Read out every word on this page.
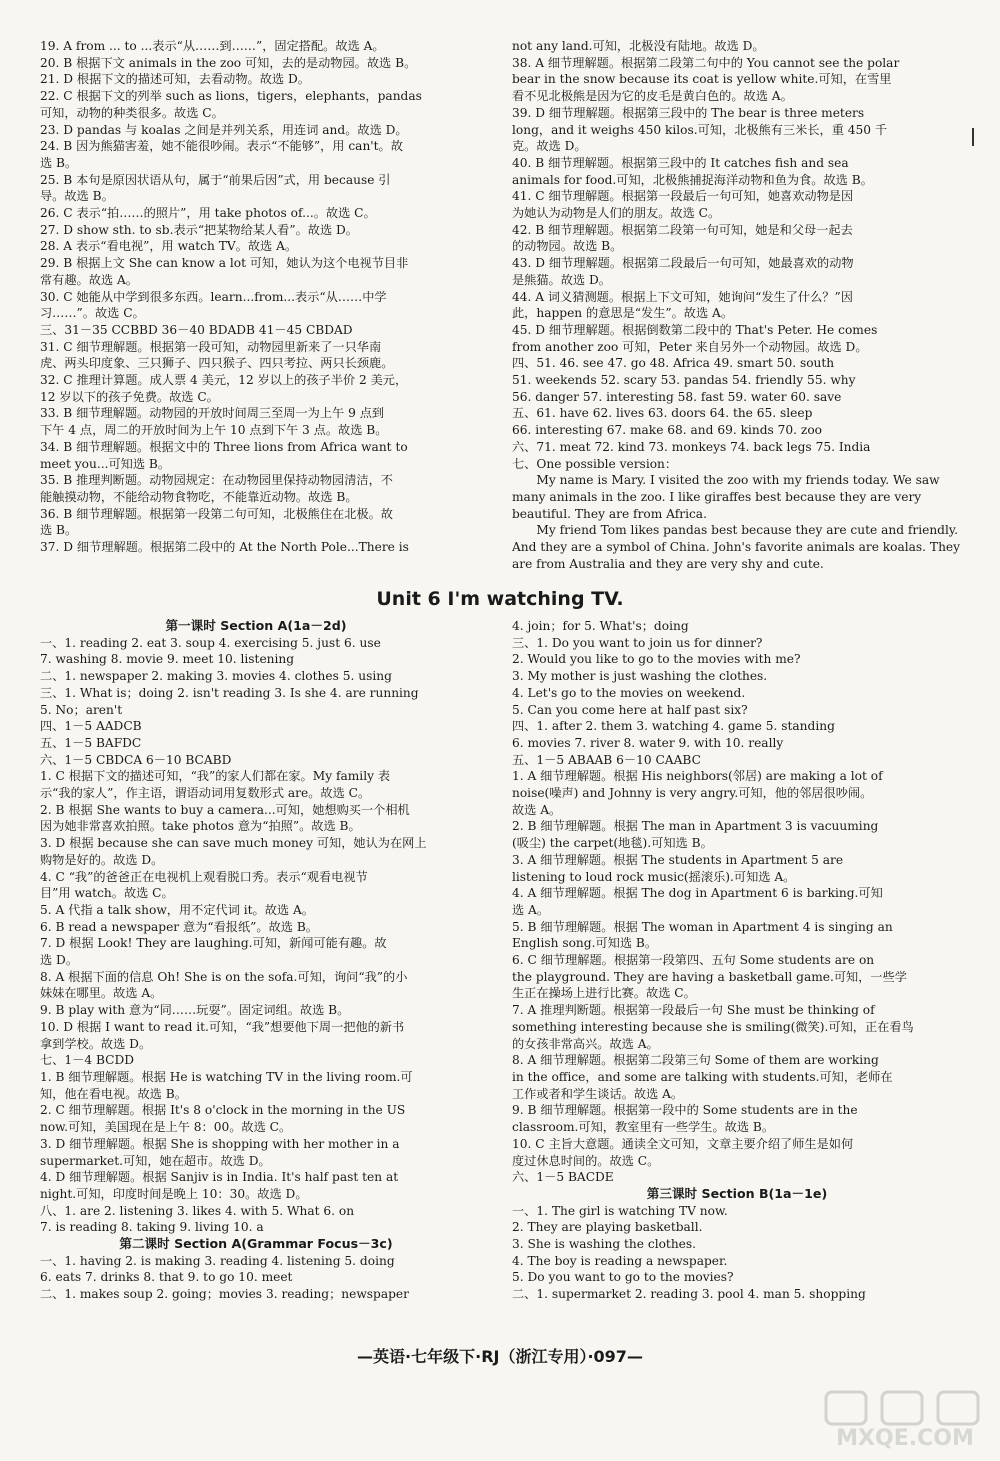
19. A from ... to ...表示“从……到……”，固定搭配。故选 A。
20. B 根据下文 animals in the zoo 可知，去的是动物园。故选 B。
21. D 根据下文的描述可知，去看动物。故选 D。
22. C 根据下文的列举 such as lions，tigers，elephants，pandas
可知，动物的种类很多。故选 C。
23. D pandas 与 koalas 之间是并列关系，用连词 and。故选 D。
24. B 因为熊猫害羞，她不能很吵闹。表示“不能够”，用 can't。故
选 B。
25. B 本句是原因状语从句，属于“前果后因”式，用 because 引
导。故选 B。
26. C 表示“拍……的照片”，用 take photos of...。故选 C。
27. D show sth. to sb.表示“把某物给某人看”。故选 D。
28. A 表示“看电视”，用 watch TV。故选 A。
29. B 根据上文 She can know a lot 可知，她认为这个电视节目非
常有趣。故选 A。
30. C 她能从中学到很多东西。learn...from...表示“从……中学
习……”。故选 C。
三、31－35 CCBBD 36－40 BDADB 41－45 CBDAD
31. C 细节理解题。根据第一段可知，动物园里新来了一只华南
虎、两头印度象、三只狮子、四只猴子、四只考拉、两只长颈鹿。
32. C 推理计算题。成人票 4 美元，12 岁以上的孩子半价 2 美元，
12 岁以下的孩子免费。故选 C。
33. B 细节理解题。动物园的开放时间周三至周一为上午 9 点到
下午 4 点，周二的开放时间为上午 10 点到下午 3 点。故选 B。
34. B 细节理解题。根据文中的 Three lions from Africa want to
meet you...可知选 B。
35. B 推理判断题。动物园规定：在动物园里保持动物园清洁，不
能触摸动物，不能给动物食物吃，不能靠近动物。故选 B。
36. B 细节理解题。根据第一段第二句可知，北极熊住在北极。故
选 B。
37. D 细节理解题。根据第二段中的 At the North Pole...There is
not any land.可知，北极没有陆地。故选 D。
38. A 细节理解题。根据第二段第二句中的 You cannot see the polar
bear in the snow because its coat is yellow white.可知，在雪里
看不见北极熊是因为它的皮毛是黄白色的。故选 A。
39. D 细节理解题。根据第三段中的 The bear is three meters
long，and it weighs 450 kilos.可知，北极熊有三米长，重 450 千
克。故选 D。
40. B 细节理解题。根据第三段中的 It catches fish and sea
animals for food.可知，北极熊捕捉海洋动物和鱼为食。故选 B。
41. C 细节理解题。根据第一段最后一句可知，她喜欢动物是因
为她认为动物是人们的朋友。故选 C。
42. B 细节理解题。根据第二段第一句可知，她是和父母一起去
的动物园。故选 B。
43. D 细节理解题。根据第二段最后一句可知，她最喜欢的动物
是熊猫。故选 D。
44. A 词义猜测题。根据上下文可知，她询问“发生了什么？”因
此，happen 的意思是“发生”。故选 A。
45. D 细节理解题。根据倒数第二段中的 That's Peter. He comes
from another zoo 可知，Peter 来自另外一个动物园。故选 D。
四、51. 46. see 47. go 48. Africa 49. smart 50. south
51. weekends 52. scary 53. pandas 54. friendly 55. why
56. danger 57. interesting 58. fast 59. water 60. save
五、61. have 62. lives 63. doors 64. the 65. sleep
66. interesting 67. make 68. and 69. kinds 70. zoo
六、71. meat 72. kind 73. monkeys 74. back legs 75. India
七、One possible version：
My name is Mary. I visited the zoo with my friends today. We saw many animals in the zoo. I like giraffes best because they are very beautiful. They are from Africa.
My friend Tom likes pandas best because they are cute and friendly. And they are a symbol of China. John's favorite animals are koalas. They are from Australia and they are very shy and cute.
Unit 6 I'm watching TV.
第一课时 Section A(1a－2d)
一、1. reading 2. eat 3. soup 4. exercising 5. just 6. use
7. washing 8. movie 9. meet 10. listening
二、1. newspaper 2. making 3. movies 4. clothes 5. using
三、1. What is；doing 2. isn't reading 3. Is she 4. are running
5. No；aren't
四、1－5 AADCB
五、1－5 BAFDC
六、1－5 CBDCA 6－10 BCABD
1. C 根据下文的描述可知，“我”的家人们都在家。My family 表
示“我的家人”，作主语，谓语动词用复数形式 are。故选 C。
2. B 根据 She wants to buy a camera...可知，她想购买一个相机
因为她非常喜欢拍照。take photos 意为“拍照”。故选 B。
3. D 根据 because she can save much money 可知，她认为在网上
购物是好的。故选 D。
4. C “我”的爸爸正在电视机上观看脱口秀。表示“观看电视节
目”用 watch。故选 C。
5. A 代指 a talk show，用不定代词 it。故选 A。
6. B read a newspaper 意为“看报纸”。故选 B。
7. D 根据 Look! They are laughing.可知，新闻可能有趣。故
选 D。
8. A 根据下面的信息 Oh! She is on the sofa.可知，询问“我”的小
妹妹在哪里。故选 A。
9. B play with 意为“同……玩耍”。固定词组。故选 B。
10. D 根据 I want to read it.可知，“我”想要他下周一把他的新书
拿到学校。故选 D。
七、1－4 BCDD
1. B 细节理解题。根据 He is watching TV in the living room.可
知，他在看电视。故选 B。
2. C 细节理解题。根据 It's 8 o'clock in the morning in the US
now.可知，美国现在是上午 8：00。故选 C。
3. D 细节理解题。根据 She is shopping with her mother in a
supermarket.可知，她在超市。故选 D。
4. D 细节理解题。根据 Sanjiv is in India. It's half past ten at
night.可知，印度时间是晚上 10：30。故选 D。
八、1. are 2. listening 3. likes 4. with 5. What 6. on
7. is reading 8. taking 9. living 10. a
第二课时 Section A(Grammar Focus－3c)
一、1. having 2. is making 3. reading 4. listening 5. doing
6. eats 7. drinks 8. that 9. to go 10. meet
二、1. makes soup 2. going；movies 3. reading；newspaper
4. join；for 5. What's；doing
三、1. Do you want to join us for dinner?
2. Would you like to go to the movies with me?
3. My mother is just washing the clothes.
4. Let's go to the movies on weekend.
5. Can you come here at half past six?
四、1. after 2. them 3. watching 4. game 5. standing
6. movies 7. river 8. water 9. with 10. really
五、1－5 ABAAB 6－10 CAABC
1. A 细节理解题。根据 His neighbors(邻居) are making a lot of
noise(噪声) and Johnny is very angry.可知，他的邻居很吵闹。
故选 A。
2. B 细节理解题。根据 The man in Apartment 3 is vacuuming
(吸尘) the carpet(地毯).可知选 B。
3. A 细节理解题。根据 The students in Apartment 5 are
listening to loud rock music(摇滚乐).可知选 A。
4. A 细节理解题。根据 The dog in Apartment 6 is barking.可知
选 A。
5. B 细节理解题。根据 The woman in Apartment 4 is singing an
English song.可知选 B。
6. C 细节理解题。根据第一段第四、五句 Some students are on
the playground. They are having a basketball game.可知，一些学
生正在操场上进行比赛。故选 C。
7. A 推理判断题。根据第一段最后一句 She must be thinking of
something interesting because she is smiling(微笑).可知，正在看鸟
的女孩非常高兴。故选 A。
8. A 细节理解题。根据第二段第三句 Some of them are working
in the office，and some are talking with students.可知，老师在
工作或者和学生谈话。故选 A。
9. B 细节理解题。根据第一段中的 Some students are in the
classroom.可知，教室里有一些学生。故选 B。
10. C 主旨大意题。通读全文可知，文章主要介绍了师生是如何
度过休息时间的。故选 C。
六、1－5 BACDE
第三课时 Section B(1a－1e)
一、1. The girl is watching TV now.
2. They are playing basketball.
3. She is washing the clothes.
4. The boy is reading a newspaper.
5. Do you want to go to the movies?
二、1. supermarket 2. reading 3. pool 4. man 5. shopping
—英语·七年级下·RJ（浙江专用）·097—
MXQE.COM
